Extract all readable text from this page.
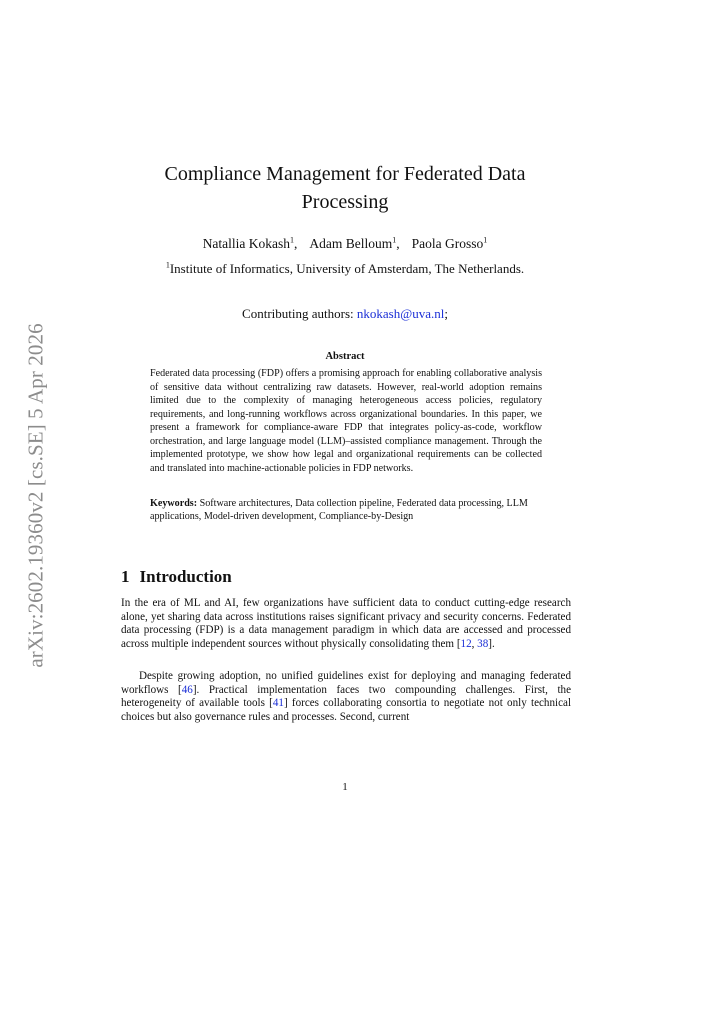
arXiv:2602.19360v2 [cs.SE] 5 Apr 2026
Compliance Management for Federated Data
Processing
Natallia Kokash$^1$, Adam Belloum$^1$, Paola Grosso$^1$
$^1$Institute of Informatics, University of Amsterdam, The Netherlands.
Contributing authors: nkokash@uva.nl;
Abstract
Federated data processing (FDP) offers a promising approach for enabling collaborative analysis of sensitive data without centralizing raw datasets. However, real-world adoption remains limited due to the complexity of managing heterogeneous access policies, regulatory requirements, and long-running workflows across organizational boundaries. In this paper, we present a framework for compliance-aware FDP that integrates policy-as-code, workflow orchestration, and large language model (LLM)–assisted compliance management. Through the implemented prototype, we show how legal and organizational requirements can be collected and translated into machine-actionable policies in FDP networks.
Keywords: Software architectures, Data collection pipeline, Federated data processing, LLM applications, Model-driven development, Compliance-by-Design
1 Introduction
In the era of ML and AI, few organizations have sufficient data to conduct cutting-edge research alone, yet sharing data across institutions raises significant privacy and security concerns. Federated data processing (FDP) is a data management paradigm in which data are accessed and processed across multiple independent sources without physically consolidating them [12, 38].
Despite growing adoption, no unified guidelines exist for deploying and managing federated workflows [46]. Practical implementation faces two compounding challenges. First, the heterogeneity of available tools [41] forces collaborating consortia to negotiate not only technical choices but also governance rules and processes. Second, current
1
